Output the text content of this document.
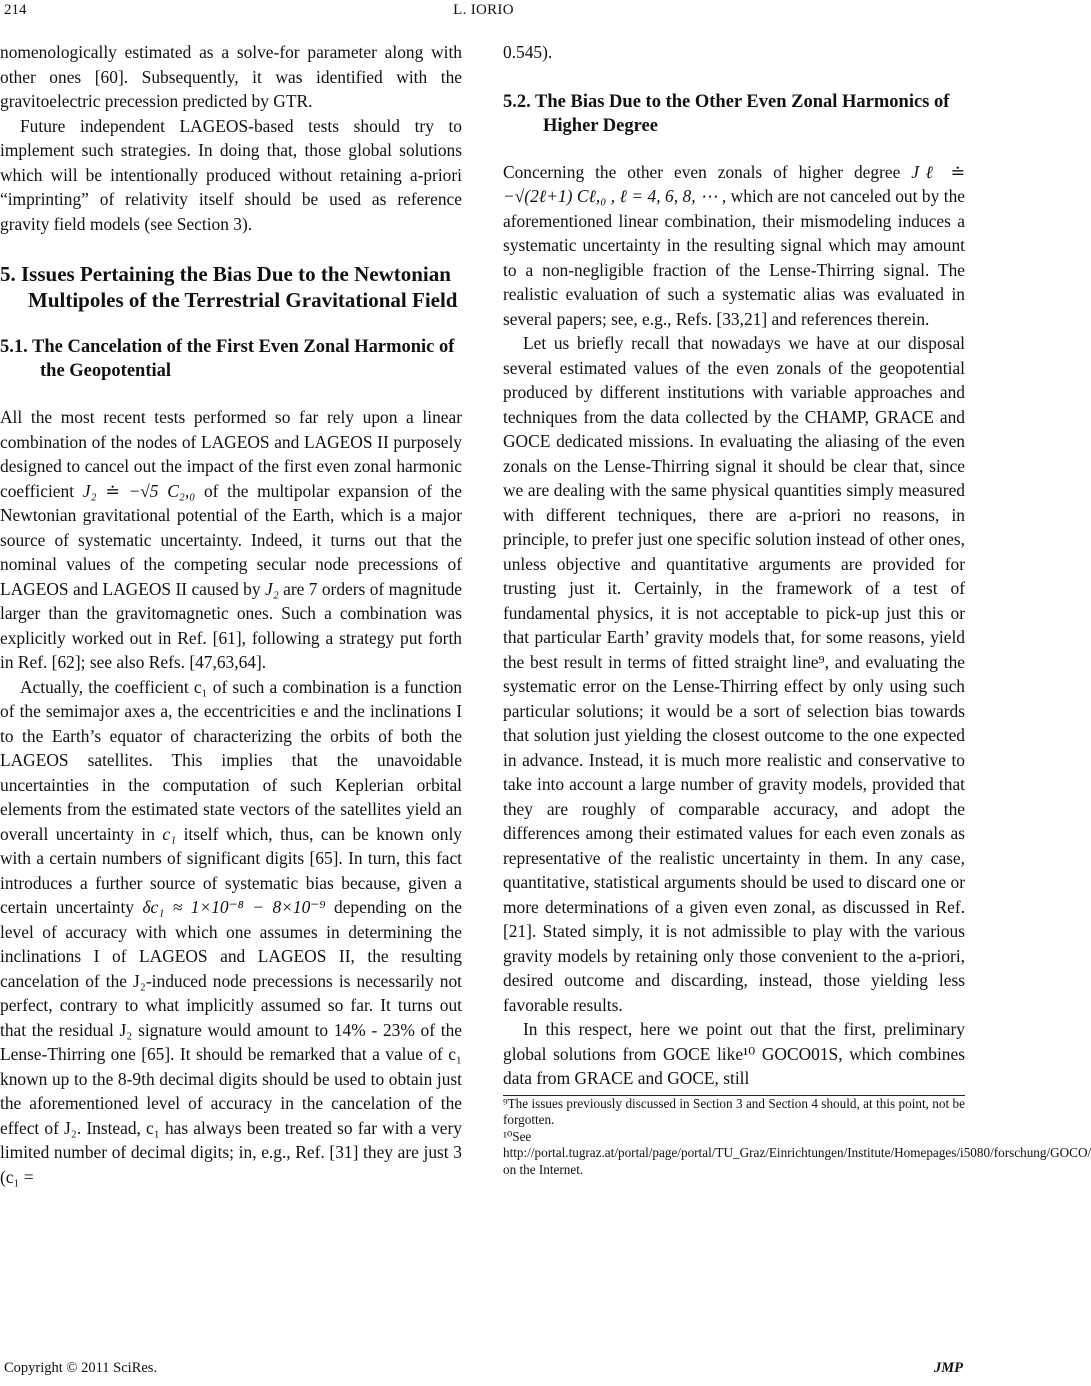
214	L. IORIO

nomenologically estimated as a solve-for parameter along with other ones [60]. Subsequently, it was identified with the gravitoelectric precession predicted by GTR.

Future independent LAGEOS-based tests should try to implement such strategies. In doing that, those global solutions which will be intentionally produced without retaining a-priori “imprinting” of relativity itself should be used as reference gravity field models (see Section 3).

5. Issues Pertaining the Bias Due to the Newtonian Multipoles of the Terrestrial Gravitational Field
5.1. The Cancelation of the First Even Zonal Harmonic of the Geopotential

All the most recent tests performed so far rely upon a linear combination of the nodes of LAGEOS and LAGEOS II purposely designed to cancel out the impact of the first even zonal harmonic coefficient J₂ ≐ −√5 C₂,₀ of the multipolar expansion of the Newtonian gravitational potential of the Earth, which is a major source of systematic uncertainty. Indeed, it turns out that the nominal values of the competing secular node precessions of LAGEOS and LAGEOS II caused by J₂ are 7 orders of magnitude larger than the gravitomagnetic ones. Such a combination was explicitly worked out in Ref. [61], following a strategy put forth in Ref. [62]; see also Refs. [47,63,64].

Actually, the coefficient c₁ of such a combination is a function of the semimajor axes a, the eccentricities e and the inclinations I to the Earth’s equator of characterizing the orbits of both the LAGEOS satellites. This implies that the unavoidable uncertainties in the computation of such Keplerian orbital elements from the estimated state vectors of the satellites yield an overall uncertainty in c₁ itself which, thus, can be known only with a certain numbers of significant digits [65]. In turn, this fact introduces a further source of systematic bias because, given a certain uncertainty δc₁ ≈ 1×10⁻⁸ − 8×10⁻⁹ depending on the level of accuracy with which one assumes in determining the inclinations I of LAGEOS and LAGEOS II, the resulting cancelation of the J₂-induced node precessions is necessarily not perfect, contrary to what implicitly assumed so far. It turns out that the residual J₂ signature would amount to 14% - 23% of the Lense-Thirring one [65]. It should be remarked that a value of c₁ known up to the 8-9th decimal digits should be used to obtain just the aforementioned level of accuracy in the cancelation of the effect of J₂. Instead, c₁ has always been treated so far with a very limited number of decimal digits; in, e.g., Ref. [31] they are just 3 (c₁ =

0.545).

5.2. The Bias Due to the Other Even Zonal Harmonics of Higher Degree

Concerning the other even zonals of higher degree Jℓ ≐ −√(2ℓ+1) Cℓ,₀ , ℓ = 4, 6, 8, ⋯ , which are not canceled out by the aforementioned linear combination, their mismodeling induces a systematic uncertainty in the resulting signal which may amount to a non-negligible fraction of the Lense-Thirring signal. The realistic evaluation of such a systematic alias was evaluated in several papers; see, e.g., Refs. [33,21] and references therein.

Let us briefly recall that nowadays we have at our disposal several estimated values of the even zonals of the geopotential produced by different institutions with variable approaches and techniques from the data collected by the CHAMP, GRACE and GOCE dedicated missions. In evaluating the aliasing of the even zonals on the Lense-Thirring signal it should be clear that, since we are dealing with the same physical quantities simply measured with different techniques, there are a-priori no reasons, in principle, to prefer just one specific solution instead of other ones, unless objective and quantitative arguments are provided for trusting just it. Certainly, in the framework of a test of fundamental physics, it is not acceptable to pick-up just this or that particular Earth’ gravity models that, for some reasons, yield the best result in terms of fitted straight line⁹, and evaluating the systematic error on the Lense-Thirring effect by only using such particular solutions; it would be a sort of selection bias towards that solution just yielding the closest outcome to the one expected in advance. Instead, it is much more realistic and conservative to take into account a large number of gravity models, provided that they are roughly of comparable accuracy, and adopt the differences among their estimated values for each even zonals as representative of the realistic uncertainty in them. In any case, quantitative, statistical arguments should be used to discard one or more determinations of a given even zonal, as discussed in Ref. [21]. Stated simply, it is not admissible to play with the various gravity models by retaining only those convenient to the a-priori, desired outcome and discarding, instead, those yielding less favorable results.

In this respect, here we point out that the first, preliminary global solutions from GOCE like¹⁰ GOCO01S, which combines data from GRACE and GOCE, still

⁹The issues previously discussed in Section 3 and Section 4 should, at this point, not be forgotten.

¹⁰See http://portal.tugraz.at/portal/page/portal/TU_Graz/Einrichtungen/Institute/Homepages/i5080/forschung/GOCO/ on the Internet.

Copyright © 2011 SciRes.	JMP
